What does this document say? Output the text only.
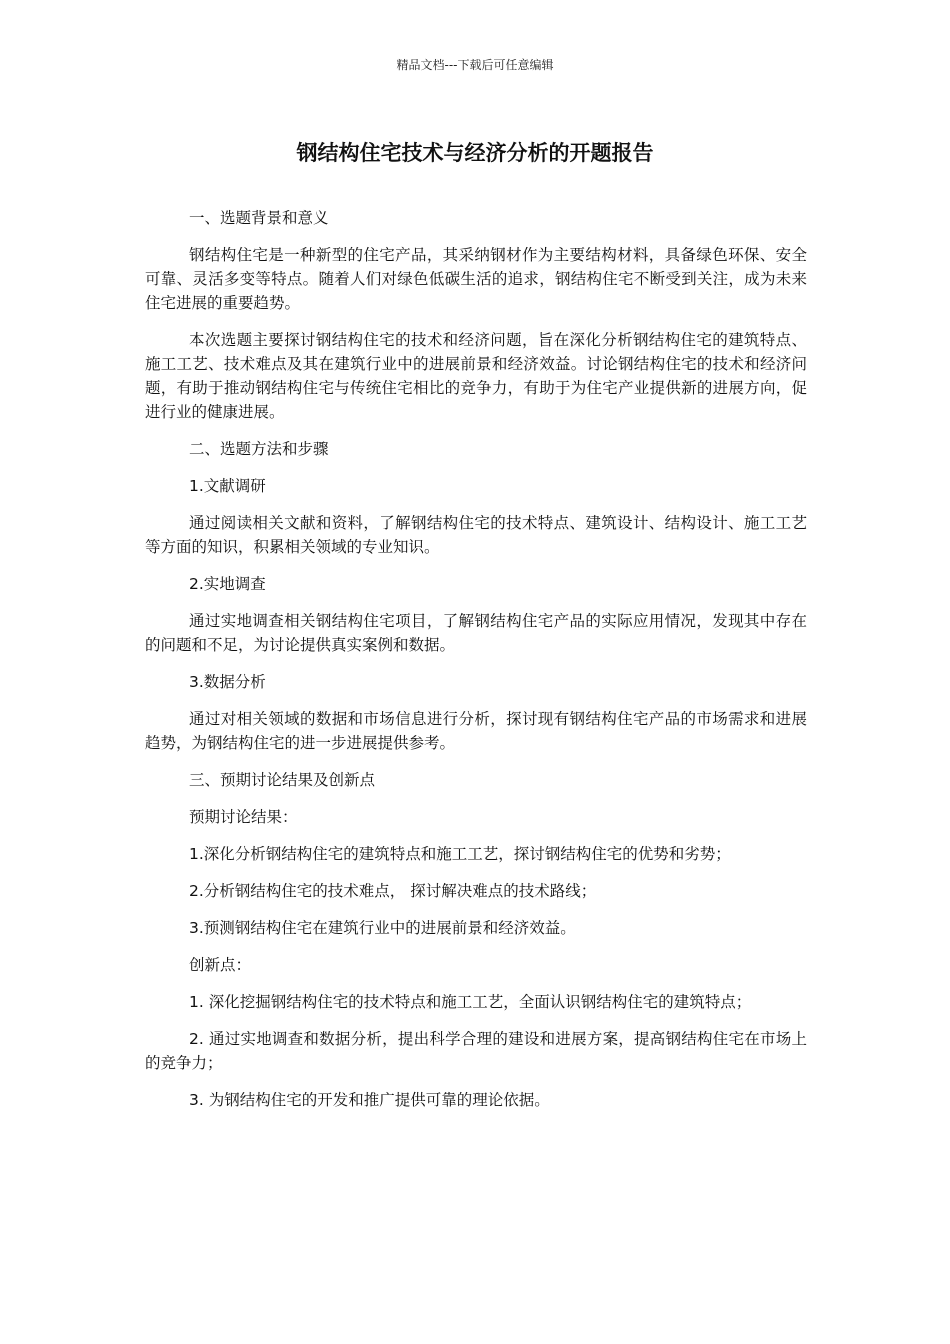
精品文档---下载后可任意编辑
钢结构住宅技术与经济分析的开题报告

一、选题背景和意义

钢结构住宅是一种新型的住宅产品，其采纳钢材作为主要结构材料，具备绿色环保、安全可靠、灵活多变等特点。随着人们对绿色低碳生活的追求，钢结构住宅不断受到关注，成为未来住宅进展的重要趋势。

本次选题主要探讨钢结构住宅的技术和经济问题，旨在深化分析钢结构住宅的建筑特点、施工工艺、技术难点及其在建筑行业中的进展前景和经济效益。讨论钢结构住宅的技术和经济问题，有助于推动钢结构住宅与传统住宅相比的竞争力，有助于为住宅产业提供新的进展方向，促进行业的健康进展。

二、选题方法和步骤

1.文献调研

通过阅读相关文献和资料，了解钢结构住宅的技术特点、建筑设计、结构设计、施工工艺等方面的知识，积累相关领域的专业知识。

2.实地调查

通过实地调查相关钢结构住宅项目，了解钢结构住宅产品的实际应用情况，发现其中存在的问题和不足，为讨论提供真实案例和数据。

3.数据分析

通过对相关领域的数据和市场信息进行分析，探讨现有钢结构住宅产品的市场需求和进展趋势，为钢结构住宅的进一步进展提供参考。

三、预期讨论结果及创新点

预期讨论结果：

1.深化分析钢结构住宅的建筑特点和施工工艺，探讨钢结构住宅的优势和劣势；

2.分析钢结构住宅的技术难点， 探讨解决难点的技术路线；

3.预测钢结构住宅在建筑行业中的进展前景和经济效益。

创新点：

1. 深化挖掘钢结构住宅的技术特点和施工工艺，全面认识钢结构住宅的建筑特点；

2. 通过实地调查和数据分析，提出科学合理的建设和进展方案，提高钢结构住宅在市场上的竞争力；

3. 为钢结构住宅的开发和推广提供可靠的理论依据。
